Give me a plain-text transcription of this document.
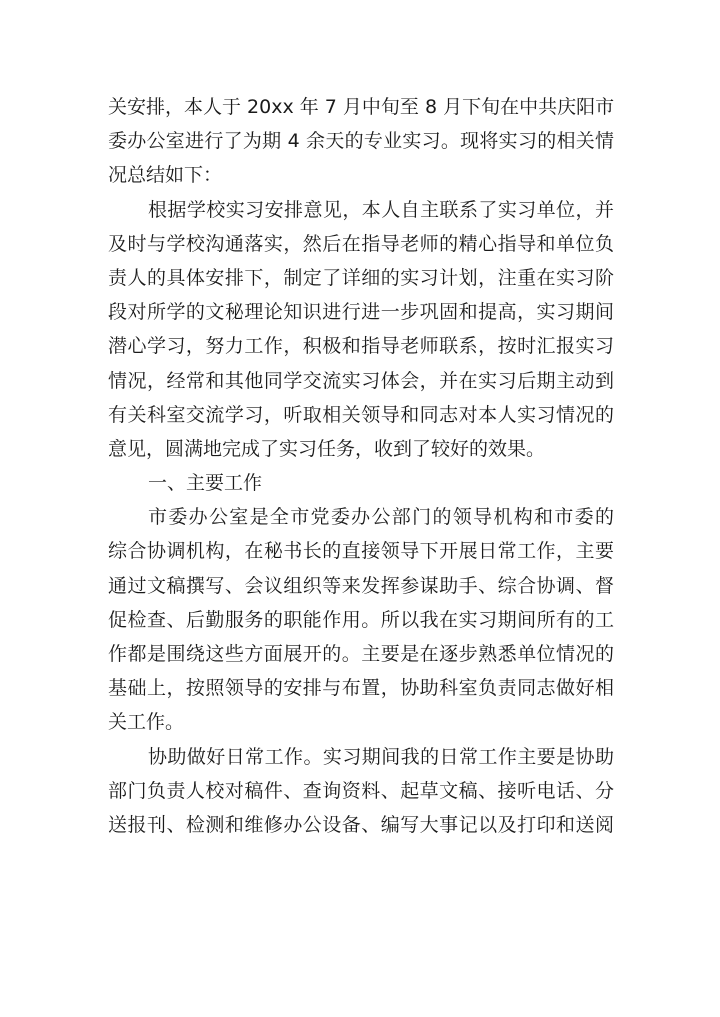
关安排，本人于 20xx 年 7 月中旬至 8 月下旬在中共庆阳市
委办公室进行了为期 4 余天的专业实习。现将实习的相关情
况总结如下：
根据学校实习安排意见，本人自主联系了实习单位，并
及时与学校沟通落实，然后在指导老师的精心指导和单位负
责人的具体安排下，制定了详细的实习计划，注重在实习阶
段对所学的文秘理论知识进行进一步巩固和提高，实习期间
潜心学习，努力工作，积极和指导老师联系，按时汇报实习
情况，经常和其他同学交流实习体会，并在实习后期主动到
有关科室交流学习，听取相关领导和同志对本人实习情况的
意见，圆满地完成了实习任务，收到了较好的效果。
一、主要工作
市委办公室是全市党委办公部门的领导机构和市委的
综合协调机构，在秘书长的直接领导下开展日常工作，主要
通过文稿撰写、会议组织等来发挥参谋助手、综合协调、督
促检查、后勤服务的职能作用。所以我在实习期间所有的工
作都是围绕这些方面展开的。主要是在逐步熟悉单位情况的
基础上，按照领导的安排与布置，协助科室负责同志做好相
关工作。
协助做好日常工作。实习期间我的日常工作主要是协助
部门负责人校对稿件、查询资料、起草文稿、接听电话、分
送报刊、检测和维修办公设备、编写大事记以及打印和送阅
